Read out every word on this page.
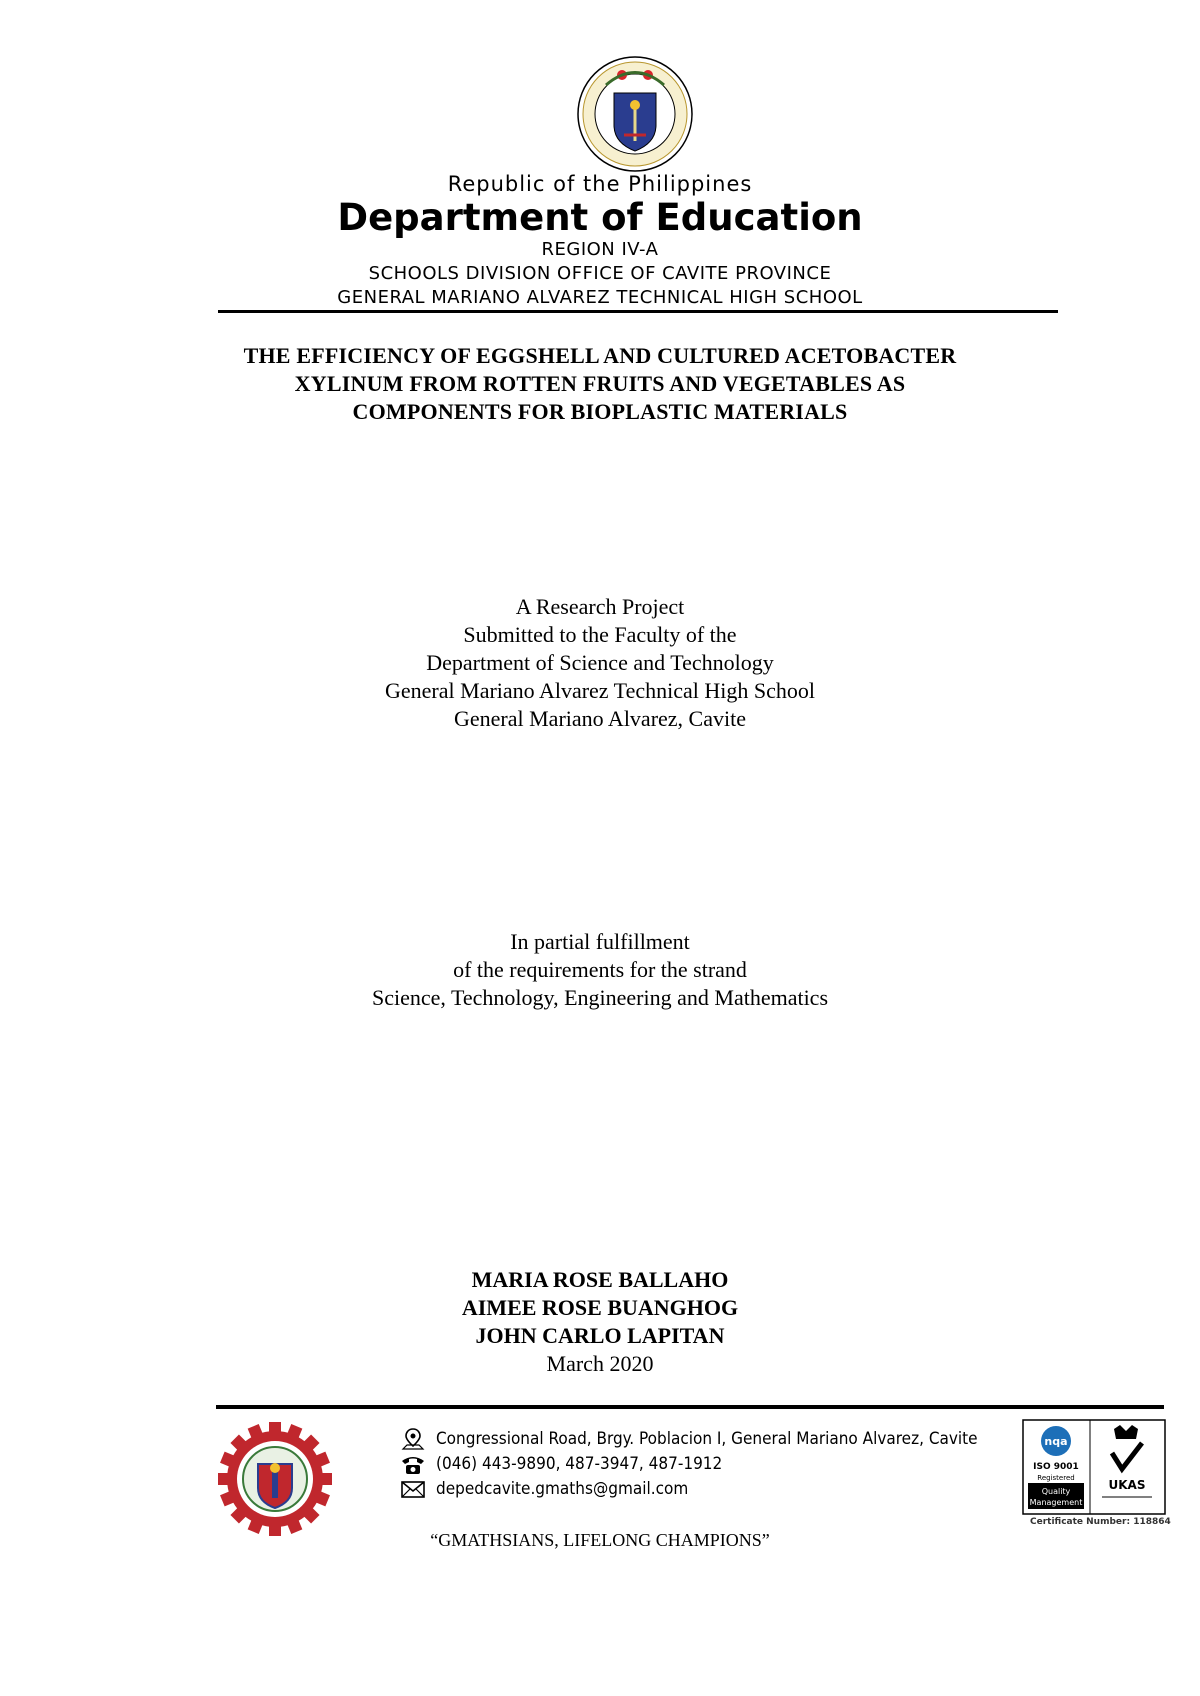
Republic of the Philippines
Department of Education
REGION IV-A
SCHOOLS DIVISION OFFICE OF CAVITE PROVINCE
GENERAL MARIANO ALVAREZ TECHNICAL HIGH SCHOOL
THE EFFICIENCY OF EGGSHELL AND CULTURED ACETOBACTER
XYLINUM FROM ROTTEN FRUITS AND VEGETABLES AS
COMPONENTS FOR BIOPLASTIC MATERIALS
A Research Project
Submitted to the Faculty of the
Department of Science and Technology
General Mariano Alvarez Technical High School
General Mariano Alvarez, Cavite
In partial fulfillment
of the requirements for the strand
Science, Technology, Engineering and Mathematics
MARIA ROSE BALLAHO
AIMEE ROSE BUANGHOG
JOHN CARLO LAPITAN
March 2020
Congressional Road, Brgy. Poblacion I, General Mariano Alvarez, Cavite
(046) 443-9890, 487-3947, 487-1912
depedcavite.gmaths@gmail.com
nqa
ISO 9001
Registered
Quality
Management
UKAS
Certificate Number: 118864
“GMATHSIANS, LIFELONG CHAMPIONS”
